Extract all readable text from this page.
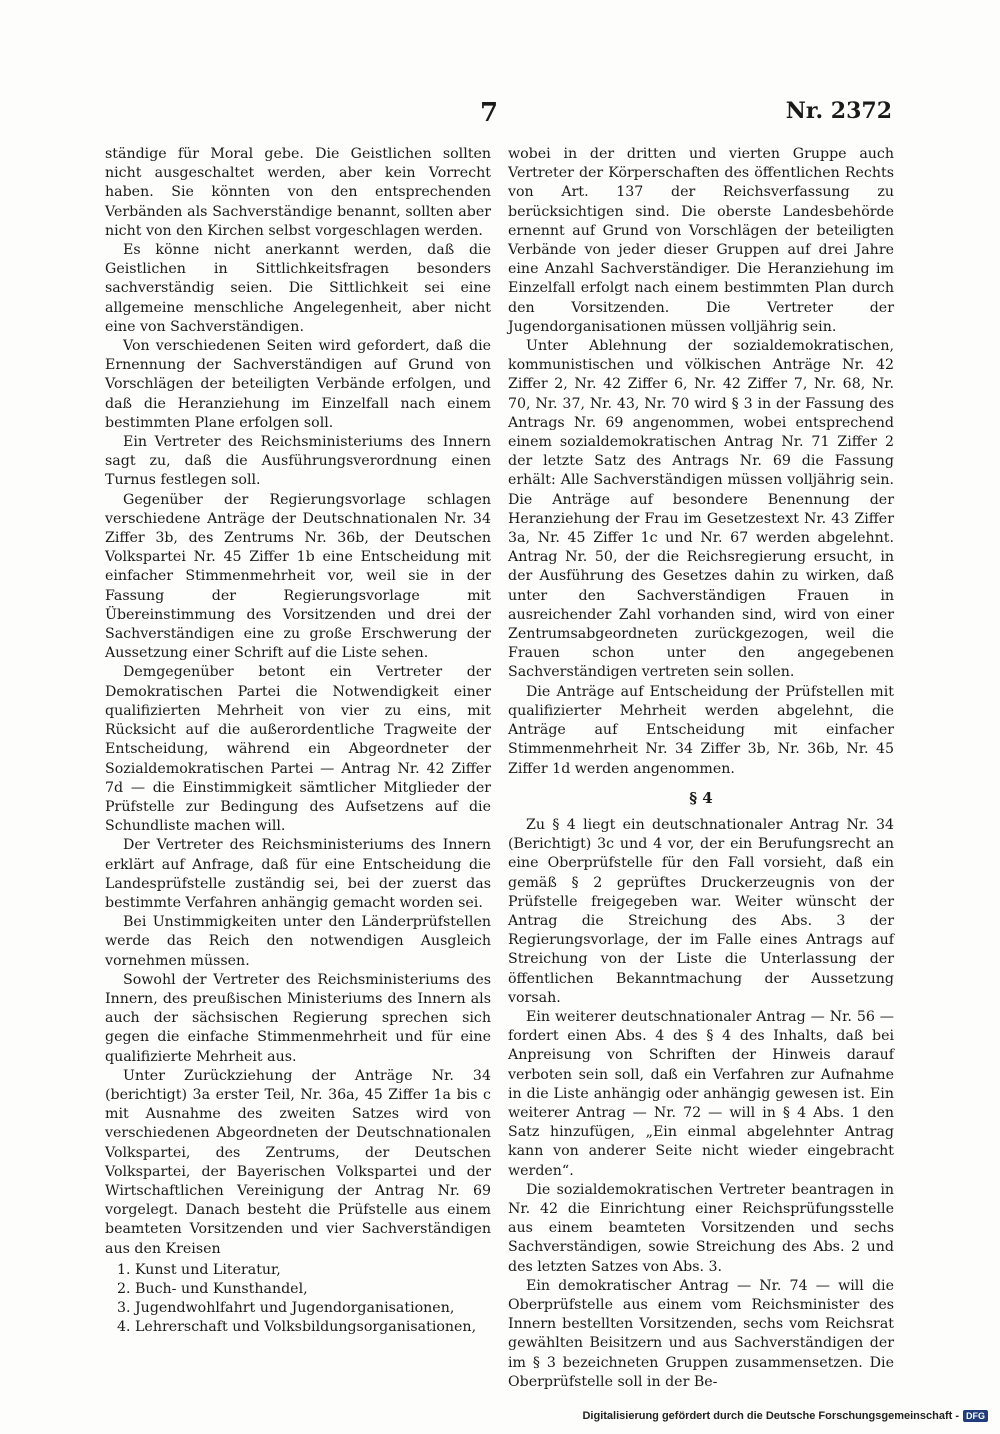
7	Nr. 2372

ständige für Moral gebe. Die Geistlichen sollten nicht ausgeschaltet werden, aber kein Vorrecht haben. Sie könnten von den entsprechenden Verbänden als Sachverständige benannt, sollten aber nicht von den Kirchen selbst vorgeschlagen werden.

Es könne nicht anerkannt werden, daß die Geistlichen in Sittlichkeitsfragen besonders sachverständig seien. Die Sittlichkeit sei eine allgemeine menschliche Angelegenheit, aber nicht eine von Sachverständigen.

Von verschiedenen Seiten wird gefordert, daß die Ernennung der Sachverständigen auf Grund von Vorschlägen der beteiligten Verbände erfolgen, und daß die Heranziehung im Einzelfall nach einem bestimmten Plane erfolgen soll.

Ein Vertreter des Reichsministeriums des Innern sagt zu, daß die Ausführungsverordnung einen Turnus festlegen soll.

Gegenüber der Regierungsvorlage schlagen verschiedene Anträge der Deutschnationalen Nr. 34 Ziffer 3b, des Zentrums Nr. 36b, der Deutschen Volkspartei Nr. 45 Ziffer 1b eine Entscheidung mit einfacher Stimmenmehrheit vor, weil sie in der Fassung der Regierungsvorlage mit Übereinstimmung des Vorsitzenden und drei der Sachverständigen eine zu große Erschwerung der Aussetzung einer Schrift auf die Liste sehen.

Demgegenüber betont ein Vertreter der Demokratischen Partei die Notwendigkeit einer qualifizierten Mehrheit von vier zu eins, mit Rücksicht auf die außerordentliche Tragweite der Entscheidung, während ein Abgeordneter der Sozialdemokratischen Partei — Antrag Nr. 42 Ziffer 7d — die Einstimmigkeit sämtlicher Mitglieder der Prüfstelle zur Bedingung des Aufsetzens auf die Schundliste machen will.

Der Vertreter des Reichsministeriums des Innern erklärt auf Anfrage, daß für eine Entscheidung die Landesprüfstelle zuständig sei, bei der zuerst das bestimmte Verfahren anhängig gemacht worden sei.

Bei Unstimmigkeiten unter den Länderprüfstellen werde das Reich den notwendigen Ausgleich vornehmen müssen.

Sowohl der Vertreter des Reichsministeriums des Innern, des preußischen Ministeriums des Innern als auch der sächsischen Regierung sprechen sich gegen die einfache Stimmenmehrheit und für eine qualifizierte Mehrheit aus.

Unter Zurückziehung der Anträge Nr. 34 (berichtigt) 3a erster Teil, Nr. 36a, 45 Ziffer 1a bis c mit Ausnahme des zweiten Satzes wird von verschiedenen Abgeordneten der Deutschnationalen Volkspartei, des Zentrums, der Deutschen Volkspartei, der Bayerischen Volkspartei und der Wirtschaftlichen Vereinigung der Antrag Nr. 69 vorgelegt. Danach besteht die Prüfstelle aus einem beamteten Vorsitzenden und vier Sachverständigen aus den Kreisen

1. Kunst und Literatur,
2. Buch- und Kunsthandel,
3. Jugendwohlfahrt und Jugendorganisationen,
4. Lehrerschaft und Volksbildungsorganisationen,

wobei in der dritten und vierten Gruppe auch Vertreter der Körperschaften des öffentlichen Rechts von Art. 137 der Reichsverfassung zu berücksichtigen sind. Die oberste Landesbehörde ernennt auf Grund von Vorschlägen der beteiligten Verbände von jeder dieser Gruppen auf drei Jahre eine Anzahl Sachverständiger. Die Heranziehung im Einzelfall erfolgt nach einem bestimmten Plan durch den Vorsitzenden. Die Vertreter der Jugendorganisationen müssen volljährig sein.

Unter Ablehnung der sozialdemokratischen, kommunistischen und völkischen Anträge Nr. 42 Ziffer 2, Nr. 42 Ziffer 6, Nr. 42 Ziffer 7, Nr. 68, Nr. 70, Nr. 37, Nr. 43, Nr. 70 wird § 3 in der Fassung des Antrags Nr. 69 angenommen, wobei entsprechend einem sozialdemokratischen Antrag Nr. 71 Ziffer 2 der letzte Satz des Antrags Nr. 69 die Fassung erhält: Alle Sachverständigen müssen volljährig sein. Die Anträge auf besondere Benennung der Heranziehung der Frau im Gesetzestext Nr. 43 Ziffer 3a, Nr. 45 Ziffer 1c und Nr. 67 werden abgelehnt. Antrag Nr. 50, der die Reichsregierung ersucht, in der Ausführung des Gesetzes dahin zu wirken, daß unter den Sachverständigen Frauen in ausreichender Zahl vorhanden sind, wird von einer Zentrumsabgeordneten zurückgezogen, weil die Frauen schon unter den angegebenen Sachverständigen vertreten sein sollen.

Die Anträge auf Entscheidung der Prüfstellen mit qualifizierter Mehrheit werden abgelehnt, die Anträge auf Entscheidung mit einfacher Stimmenmehrheit Nr. 34 Ziffer 3b, Nr. 36b, Nr. 45 Ziffer 1d werden angenommen.

§ 4

Zu § 4 liegt ein deutschnationaler Antrag Nr. 34 (Berichtigt) 3c und 4 vor, der ein Berufungsrecht an eine Oberprüfstelle für den Fall vorsieht, daß ein gemäß § 2 geprüftes Druckerzeugnis von der Prüfstelle freigegeben war. Weiter wünscht der Antrag die Streichung des Abs. 3 der Regierungsvorlage, der im Falle eines Antrags auf Streichung von der Liste die Unterlassung der öffentlichen Bekanntmachung der Aussetzung vorsah.

Ein weiterer deutschnationaler Antrag — Nr. 56 — fordert einen Abs. 4 des § 4 des Inhalts, daß bei Anpreisung von Schriften der Hinweis darauf verboten sein soll, daß ein Verfahren zur Aufnahme in die Liste anhängig oder anhängig gewesen ist. Ein weiterer Antrag — Nr. 72 — will in § 4 Abs. 1 den Satz hinzufügen, „Ein einmal abgelehnter Antrag kann von anderer Seite nicht wieder eingebracht werden“.

Die sozialdemokratischen Vertreter beantragen in Nr. 42 die Einrichtung einer Reichsprüfungsstelle aus einem beamteten Vorsitzenden und sechs Sachverständigen, sowie Streichung des Abs. 2 und des letzten Satzes von Abs. 3.

Ein demokratischer Antrag — Nr. 74 — will die Oberprüfstelle aus einem vom Reichsminister des Innern bestellten Vorsitzenden, sechs vom Reichsrat gewählten Beisitzern und aus Sachverständigen der im § 3 bezeichneten Gruppen zusammensetzen. Die Oberprüfstelle soll in der Be-

Digitalisierung gefördert durch die Deutsche Forschungsgemeinschaft - DFG
